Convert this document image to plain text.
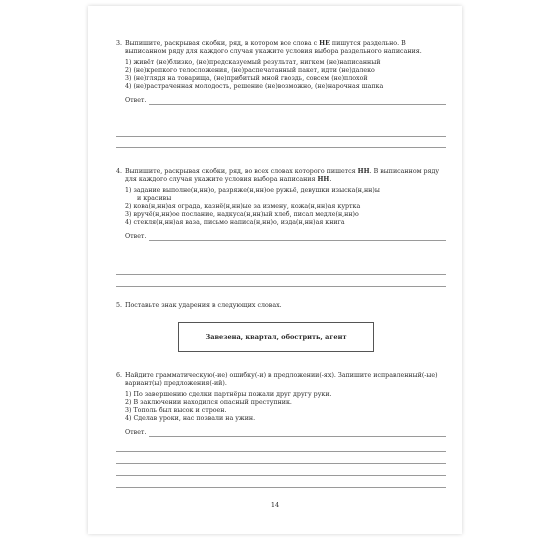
3. Выпишите, раскрывая скобки, ряд, в котором все слова с НЕ пишутся раздельно. В выписанном ряду для каждого случая укажите условия выбора раздельного написания.
1) живёт (не)близко, (не)предсказуемый результат, нигкем (не)написанный
2) (не)крепкого телосложения, (не)распечатанный пакет, идти (не)далеко
3) (не)глядя на товарища, (не)прибитый мной гвоздь, совсем (не)плохой
4) (не)растраченная молодость, решение (не)возможно, (не)нарочная шапка
Ответ.
4. Выпишите, раскрывая скобки, ряд, во всех словах которого пишется НН. В выписанном ряду для каждого случая укажите условия выбора написания НН.
1) задание выполне(н,нн)о, разряже(н,нн)ое ружьё, девушки изыска(н,нн)ы
и красивы
2) кова(н,нн)ая ограда, казнё(н,нн)ые за измену, кожа(н,нн)ая куртка
3) вручё(н,нн)ое послание, надкуса(н,нн)ый хлеб, писал медле(н,нн)о
4) стекля(н,нн)ая ваза, письмо написа(н,нн)о, изда(н,нн)ая книга
Ответ.
5. Поставьте знак ударения в следующих словах.
Завезена, квартал, обострить, агент
6. Найдите грамматическую(-ие) ошибку(-и) в предложении(-ях). Запишите исправленный(-ые) вариант(ы) предложения(-ий).
1) По завершению сделки партнёры пожали друг другу руки.
2) В заключении находился опасный преступник.
3) Тополь был высок и строен.
4) Сделав уроки, нас позвали на ужин.
Ответ.
14
